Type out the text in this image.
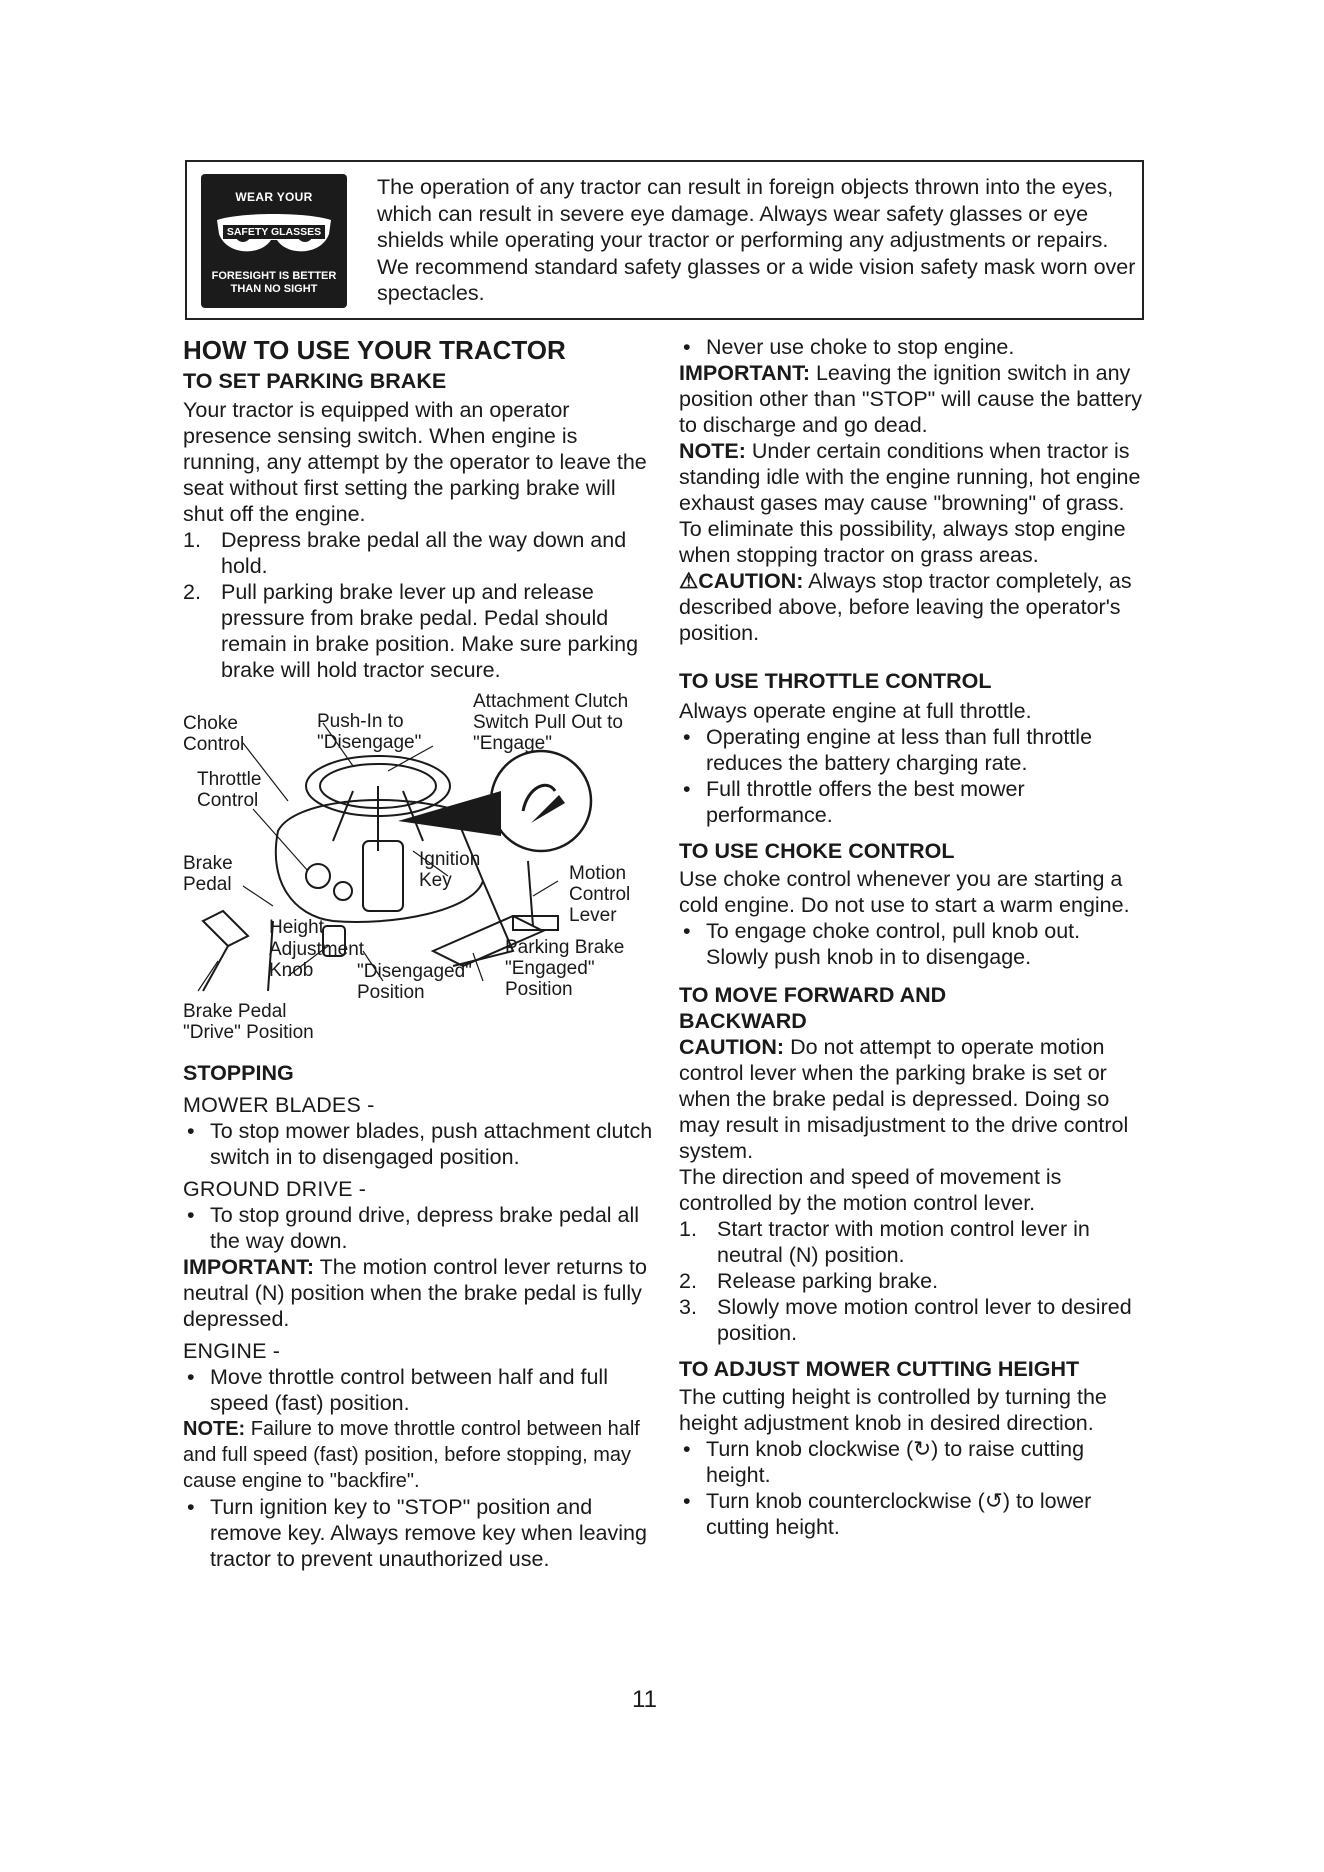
WEAR YOUR
SAFETY GLASSES
FORESIGHT IS BETTER
THAN NO SIGHT
The operation of any tractor can result in foreign objects thrown into the eyes, which can result in severe eye damage. Always wear safety glasses or eye shields while operating your tractor or performing any adjustments or repairs. We recommend standard safety glasses or a wide vision safety mask worn over spectacles.

HOW TO USE YOUR TRACTOR

TO SET PARKING BRAKE

Your tractor is equipped with an operator presence sensing switch. When engine is running, any attempt by the operator to leave the seat without first setting the parking brake will shut off the engine.

1. Depress brake pedal all the way down and hold.
2. Pull parking brake lever up and release pressure from brake pedal. Pedal should remain in brake position. Make sure parking brake will hold tractor secure.
Choke
Control
Push-In to
"Disengage"
Attachment Clutch
Switch Pull Out to
"Engage"
Throttle
Control
Brake
Pedal
Ignition
Key	Motion
Control
Lever
Height
Adjustment
Knob	"Disengaged"
Position
Parking Brake
"Engaged"
Position
Brake Pedal
"Drive" Position

STOPPING

MOWER BLADES -

• To stop mower blades, push attachment clutch switch in to disengaged position.

GROUND DRIVE -

• To stop ground drive, depress brake pedal all the way down.

IMPORTANT: The motion control lever returns to neutral (N) position when the brake pedal is fully depressed.

ENGINE -

• Move throttle control between half and full speed (fast) position.

NOTE: Failure to move throttle control between half and full speed (fast) position, before stopping, may cause engine to "backfire".

• Turn ignition key to "STOP" position and remove key. Always remove key when leaving tractor to prevent unauthorized use.
• Never use choke to stop engine.

IMPORTANT: Leaving the ignition switch in any position other than "STOP" will cause the battery to discharge and go dead.

NOTE: Under certain conditions when tractor is standing idle with the engine running, hot engine exhaust gases may cause "browning" of grass. To eliminate this possibility, always stop engine when stopping tractor on grass areas.

⚠CAUTION: Always stop tractor completely, as described above, before leaving the operator's position.

TO USE THROTTLE CONTROL

Always operate engine at full throttle.

• Operating engine at less than full throttle reduces the battery charging rate.
• Full throttle offers the best mower performance.

TO USE CHOKE CONTROL

Use choke control whenever you are starting a cold engine. Do not use to start a warm engine.

• To engage choke control, pull knob out. Slowly push knob in to disengage.

TO MOVE FORWARD AND

BACKWARD

CAUTION: Do not attempt to operate motion control lever when the parking brake is set or when the brake pedal is depressed. Doing so may result in misadjustment to the drive control system.

The direction and speed of movement is controlled by the motion control lever.

1. Start tractor with motion control lever in neutral (N) position.
2. Release parking brake.
3. Slowly move motion control lever to desired position.

TO ADJUST MOWER CUTTING HEIGHT

The cutting height is controlled by turning the height adjustment knob in desired direction.

• Turn knob clockwise (↻) to raise cutting height.
• Turn knob counterclockwise (↺) to lower cutting height.
11
